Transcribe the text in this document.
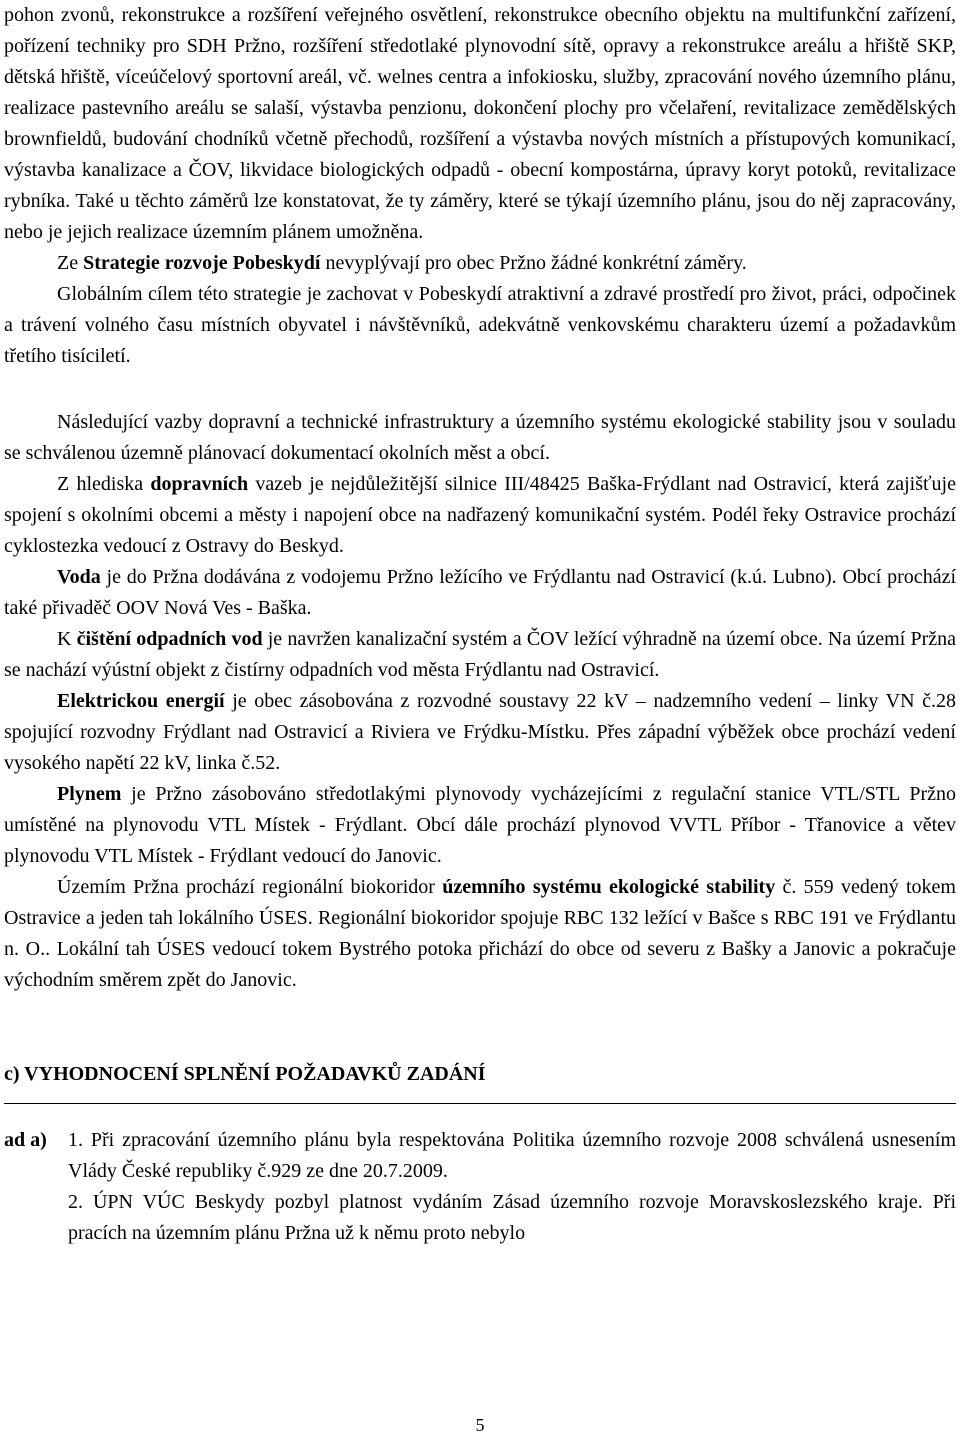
pohon zvonů, rekonstrukce a rozšíření veřejného osvětlení, rekonstrukce obecního objektu na multifunkční zařízení, pořízení techniky pro SDH Pržno, rozšíření středotlaké plynovodní sítě, opravy a rekonstrukce areálu a hřiště SKP, dětská hřiště, víceúčelový sportovní areál, vč. welnes centra a infokiosku, služby, zpracování nového územního plánu, realizace pastevního areálu se salaší, výstavba penzionu, dokončení plochy pro včelaření, revitalizace zemědělských brownfieldů, budování chodníků včetně přechodů, rozšíření a výstavba nových místních a přístupových komunikací, výstavba kanalizace a ČOV, likvidace biologických odpadů - obecní kompostárna, úpravy koryt potoků, revitalizace rybníka. Také u těchto záměrů lze konstatovat, že ty záměry, které se týkají územního plánu, jsou do něj zapracovány, nebo je jejich realizace územním plánem umožněna.

Ze Strategie rozvoje Pobeskydí nevyplývají pro obec Pržno žádné konkrétní záměry.

Globálním cílem této strategie je zachovat v Pobeskydí atraktivní a zdravé prostředí pro život, práci, odpočinek a trávení volného času místních obyvatel i návštěvníků, adekvátně venkovskému charakteru území a požadavkům třetího tisíciletí.

Následující vazby dopravní a technické infrastruktury a územního systému ekologické stability jsou v souladu se schválenou územně plánovací dokumentací okolních měst a obcí.

Z hlediska dopravních vazeb je nejdůležitější silnice III/48425 Baška-Frýdlant nad Ostravicí, která zajišťuje spojení s okolními obcemi a městy i napojení obce na nadřazený komunikační systém. Podél řeky Ostravice prochází cyklostezka vedoucí z Ostravy do Beskyd.

Voda je do Pržna dodávána z vodojemu Pržno ležícího ve Frýdlantu nad Ostravicí (k.ú. Lubno). Obcí prochází také přivaděč OOV Nová Ves - Baška.

K čištění odpadních vod je navržen kanalizační systém a ČOV ležící výhradně na území obce. Na území Pržna se nachází výústní objekt z čistírny odpadních vod města Frýdlantu nad Ostravicí.

Elektrickou energií je obec zásobována z rozvodné soustavy 22 kV – nadzemního vedení – linky VN č.28 spojující rozvodny Frýdlant nad Ostravicí a Riviera ve Frýdku-Místku. Přes západní výběžek obce prochází vedení vysokého napětí 22 kV, linka č.52.

Plynem je Pržno zásobováno středotlakými plynovody vycházejícími z regulační stanice VTL/STL Pržno umístěné na plynovodu VTL Místek - Frýdlant. Obcí dále prochází plynovod VVTL Příbor - Třanovice a větev plynovodu VTL Místek - Frýdlant vedoucí do Janovic.

Územím Pržna prochází regionální biokoridor územního systému ekologické stability č. 559 vedený tokem Ostravice a jeden tah lokálního ÚSES. Regionální biokoridor spojuje RBC 132 ležící v Bašce s RBC 191 ve Frýdlantu n. O.. Lokální tah ÚSES vedoucí tokem Bystrého potoka přichází do obce od severu z Bašky a Janovic a pokračuje východním směrem zpět do Janovic.

c) VYHODNOCENÍ SPLNĚNÍ POŽADAVKŮ ZADÁNÍ

ad a)	1. Při zpracování územního plánu byla respektována Politika územního rozvoje 2008 schválená usnesením Vlády České republiky č.929 ze dne 20.7.2009.

2. ÚPN VÚC Beskydy pozbyl platnost vydáním Zásad územního rozvoje Moravskoslezského kraje. Při pracích na územním plánu Pržna už k němu proto nebylo

5
